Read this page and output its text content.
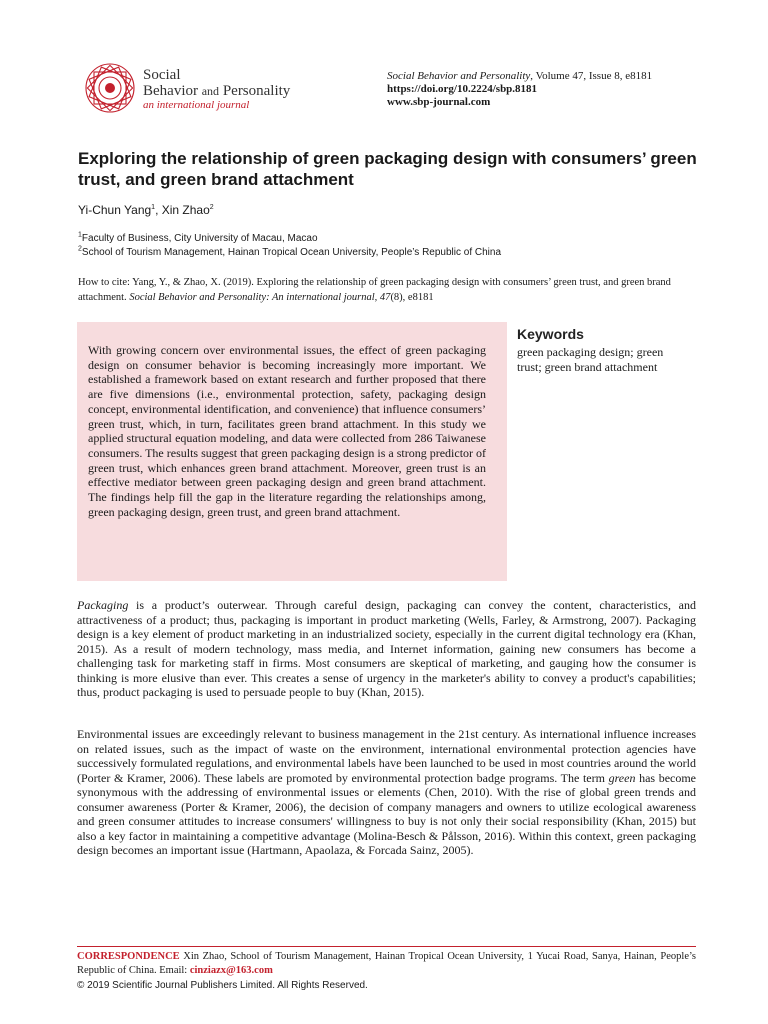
Social
Behavior and Personality
an international journal
Social Behavior and Personality, Volume 47, Issue 8, e8181
https://doi.org/10.2224/sbp.8181
www.sbp-journal.com
Exploring the relationship of green packaging design with consumers’ green trust, and green brand attachment
Yi-Chun Yang$^1$, Xin Zhao$^2$
$^1$Faculty of Business, City University of Macau, Macao
$^2$School of Tourism Management, Hainan Tropical Ocean University, People’s Republic of China
How to cite: Yang, Y., & Zhao, X. (2019). Exploring the relationship of green packaging design with consumers’ green trust, and green brand attachment. Social Behavior and Personality: An international journal, 47(8), e8181

With growing concern over environmental issues, the effect of green packaging design on consumer behavior is becoming increasingly more important. We established a framework based on extant research and further proposed that there are five dimensions (i.e., environmental protection, safety, packaging design concept, environmental identification, and convenience) that influence consumers’ green trust, which, in turn, facilitates green brand attachment. In this study we applied structural equation modeling, and data were collected from 286 Taiwanese consumers. The results suggest that green packaging design is a strong predictor of green trust, which enhances green brand attachment. Moreover, green trust is an effective mediator between green packaging design and green brand attachment. The findings help fill the gap in the literature regarding the relationships among, green packaging design, green trust, and green brand attachment.

Keywords

green packaging design; green trust; green brand attachment

Packaging is a product’s outerwear. Through careful design, packaging can convey the content, characteristics, and attractiveness of a product; thus, packaging is important in product marketing (Wells, Farley, & Armstrong, 2007). Packaging design is a key element of product marketing in an industrialized society, especially in the current digital technology era (Khan, 2015). As a result of modern technology, mass media, and Internet information, gaining new consumers has become a challenging task for marketing staff in firms. Most consumers are skeptical of marketing, and gauging how the consumer is thinking is more elusive than ever. This creates a sense of urgency in the marketer's ability to convey a product's capabilities; thus, product packaging is used to persuade people to buy (Khan, 2015).

Environmental issues are exceedingly relevant to business management in the 21st century. As international influence increases on related issues, such as the impact of waste on the environment, international environmental protection agencies have successively formulated regulations, and environmental labels have been launched to be used in most countries around the world (Porter & Kramer, 2006). These labels are promoted by environmental protection badge programs. The term green has become synonymous with the addressing of environmental issues or elements (Chen, 2010). With the rise of global green trends and consumer awareness (Porter & Kramer, 2006), the decision of company managers and owners to utilize ecological awareness and green consumer attitudes to increase consumers' willingness to buy is not only their social responsibility (Khan, 2015) but also a key factor in maintaining a competitive advantage (Molina-Besch & Pålsson, 2016). Within this context, green packaging design becomes an important issue (Hartmann, Apaolaza, & Forcada Sainz, 2005).

CORRESPONDENCE Xin Zhao, School of Tourism Management, Hainan Tropical Ocean University, 1 Yucai Road, Sanya, Hainan, People’s Republic of China. Email: cinziazx@163.com
© 2019 Scientific Journal Publishers Limited. All Rights Reserved.
